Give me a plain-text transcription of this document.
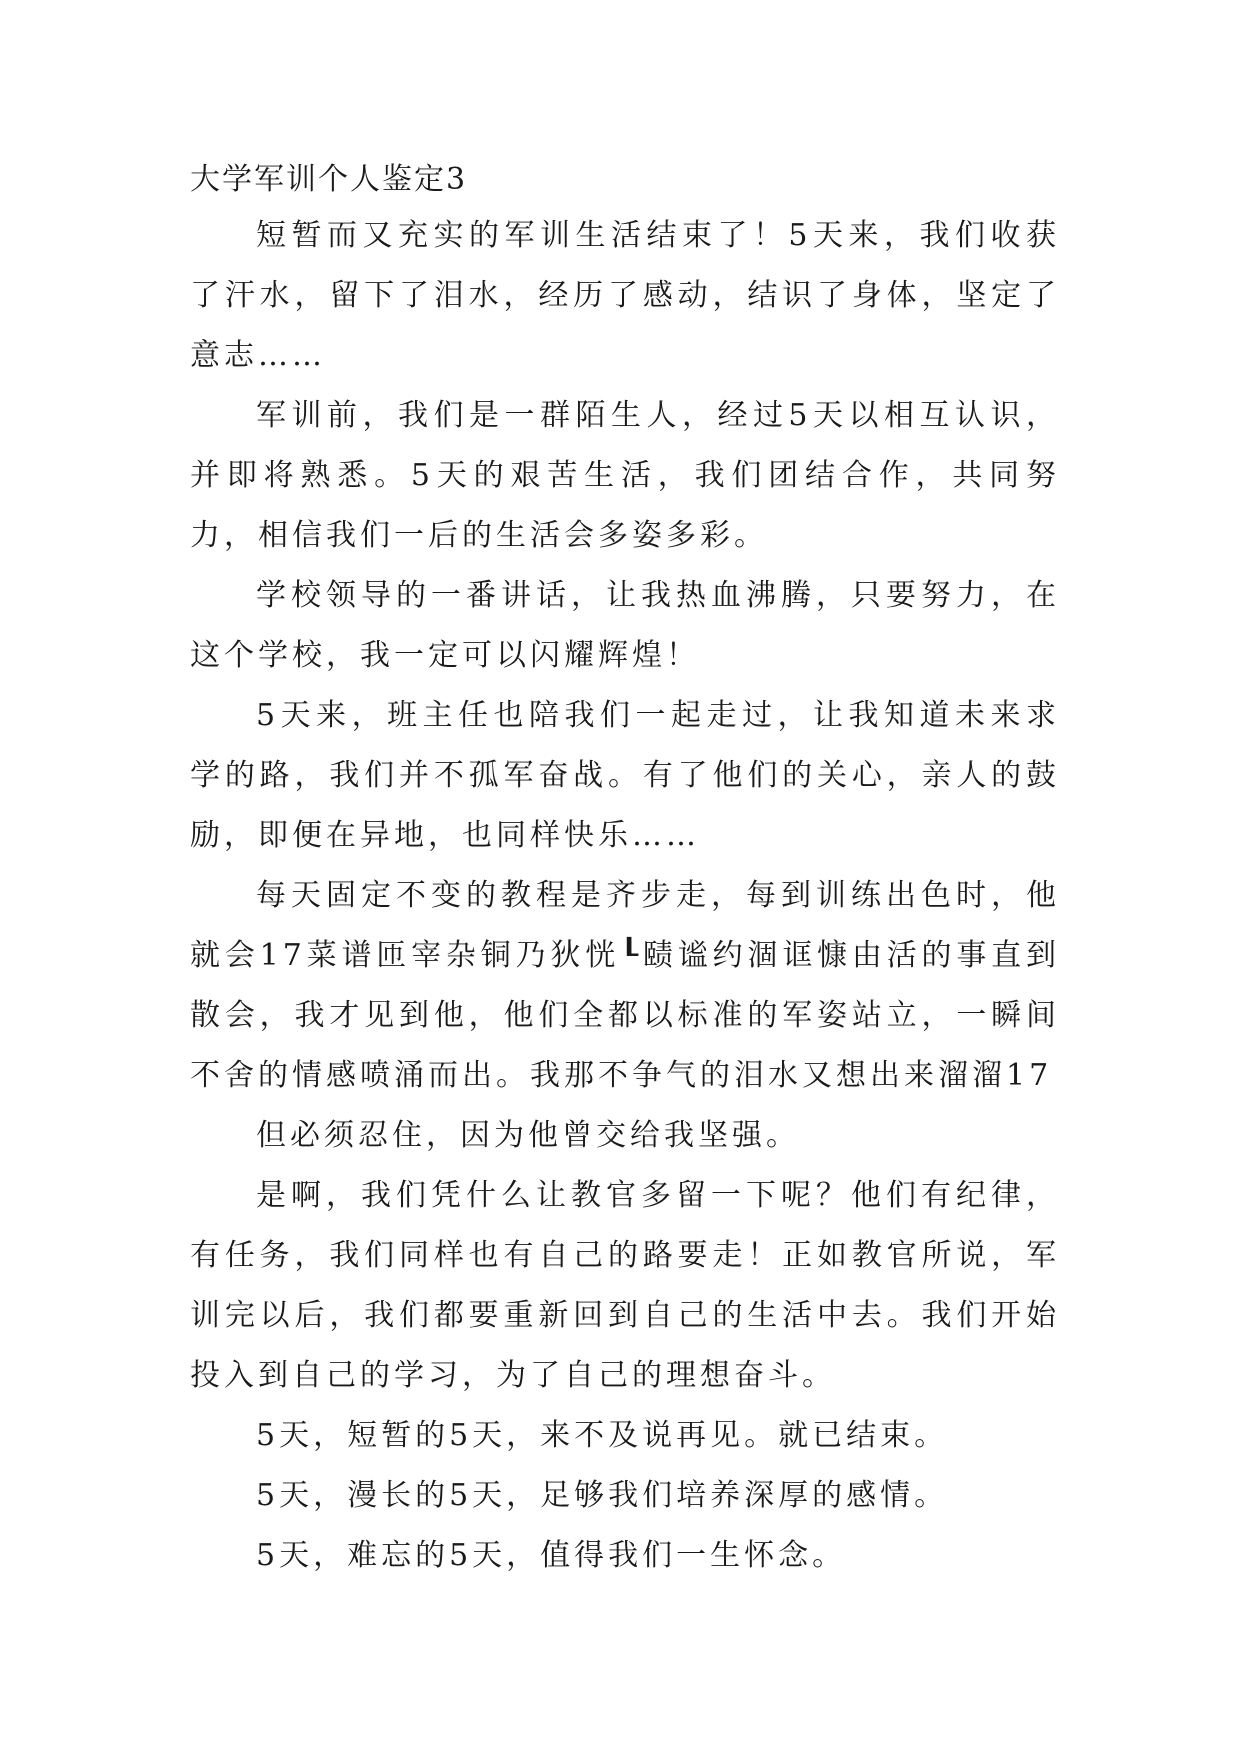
大学军训个人鉴定3

短暂而又充实的军训生活结束了！5天来，我们收获了汗水，留下了泪水，经历了感动，结识了身体，坚定了意志……

军训前，我们是一群陌生人，经过5天以相互认识，并即将熟悉。5天的艰苦生活，我们团结合作，共同努力，相信我们一后的生活会多姿多彩。

学校领导的一番讲话，让我热血沸腾，只要努力，在这个学校，我一定可以闪耀辉煌！

5天来，班主任也陪我们一起走过，让我知道未来求学的路，我们并不孤军奋战。有了他们的关心，亲人的鼓励，即便在异地，也同样快乐……

每天固定不变的教程是齐步走，每到训练出色时，他就会17菜谱匝宰杂铜乃狄恍┖赜谧约涸诓慷由活的事直到散会，我才见到他，他们全都以标准的军姿站立，一瞬间不舍的情感喷涌而出。我那不争气的泪水又想出来溜溜17

但必须忍住，因为他曾交给我坚强。

是啊，我们凭什么让教官多留一下呢？他们有纪律，有任务，我们同样也有自己的路要走！正如教官所说，军训完以后，我们都要重新回到自己的生活中去。我们开始投入到自己的学习，为了自己的理想奋斗。

5天，短暂的5天，来不及说再见。就已结束。

5天，漫长的5天，足够我们培养深厚的感情。

5天，难忘的5天，值得我们一生怀念。
